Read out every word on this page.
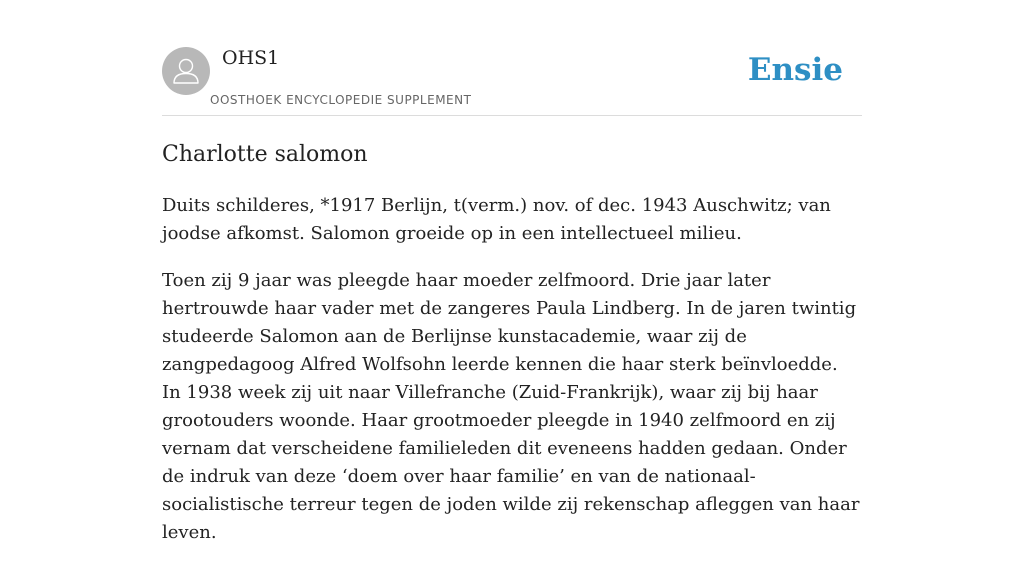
OHS1
OOSTHOEK ENCYCLOPEDIE SUPPLEMENT
Ensie
Charlotte salomon

Duits schilderes, *1917 Berlijn, t(verm.) nov. of dec. 1943 Auschwitz; van joodse afkomst. Salomon groeide op in een intellectueel milieu.

Toen zij 9 jaar was pleegde haar moeder zelfmoord. Drie jaar later hertrouwde haar vader met de zangeres Paula Lindberg. In de jaren twintig studeerde Salomon aan de Berlijnse kunstacademie, waar zij de zangpedagoog Alfred Wolfsohn leerde kennen die haar sterk beïnvloedde. In 1938 week zij uit naar Villefranche (Zuid-Frankrijk), waar zij bij haar grootouders woonde. Haar grootmoeder pleegde in 1940 zelfmoord en zij vernam dat verscheidene familieleden dit eveneens hadden gedaan. Onder de indruk van deze ‘doem over haar familie’ en van de nationaal-socialistische terreur tegen de joden wilde zij rekenschap afleggen van haar leven.
